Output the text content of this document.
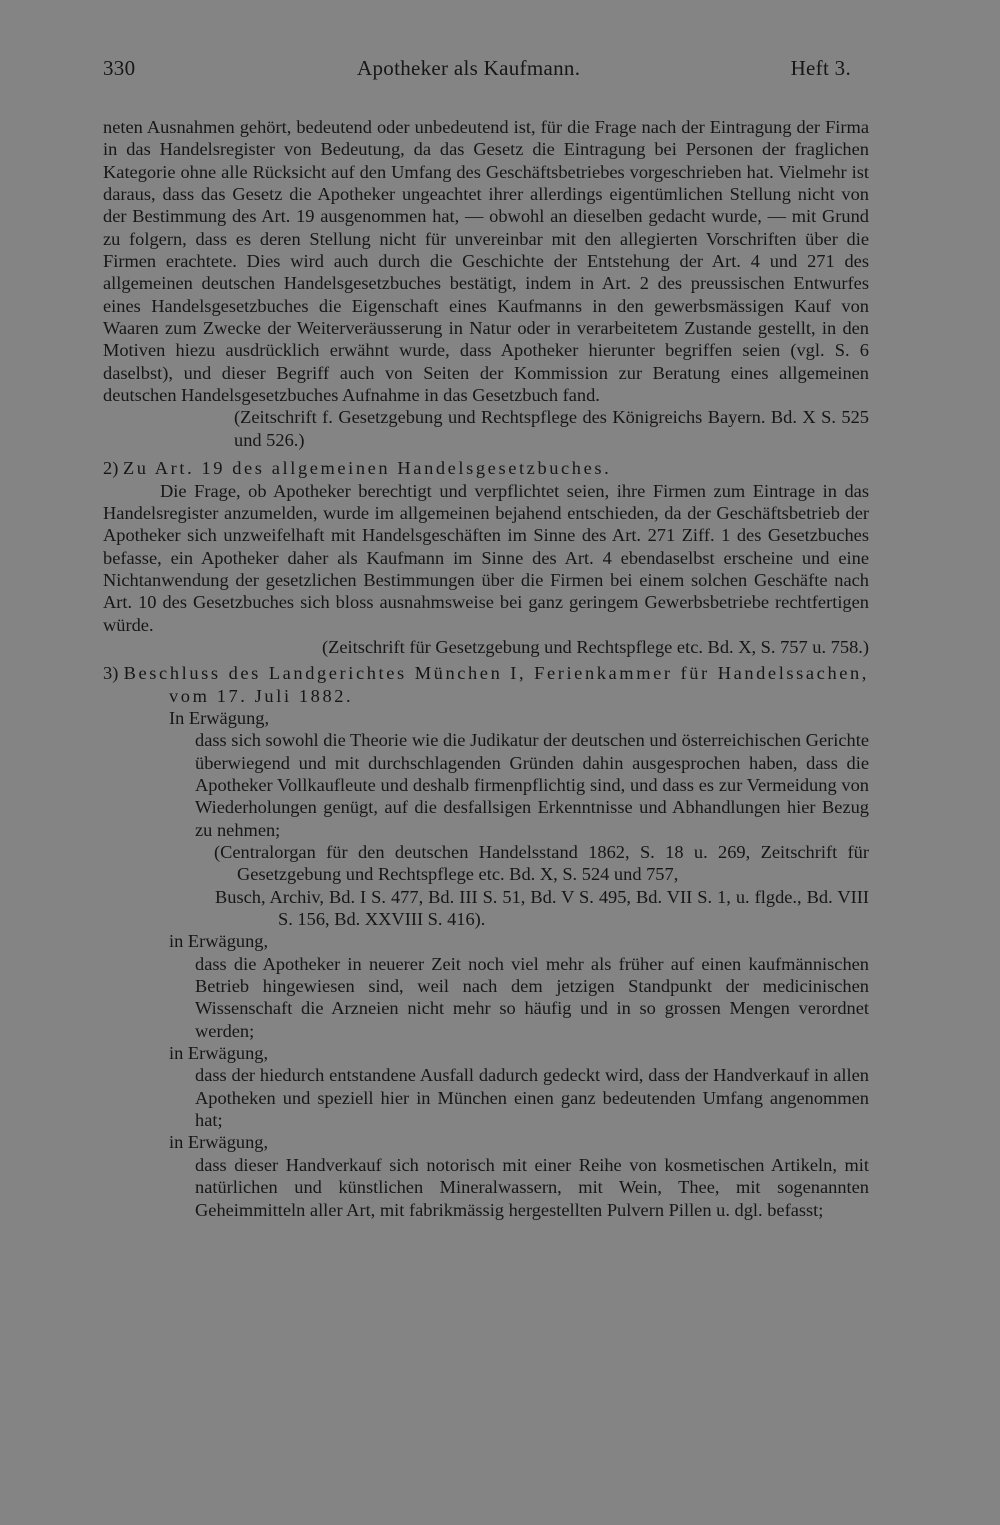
330	Apotheker als Kaufmann.	Heft 3.

neten Ausnahmen gehört, bedeutend oder unbedeutend ist, für die Frage nach der Eintragung der Firma in das Handelsregister von Bedeutung, da das Gesetz die Eintragung bei Personen der fraglichen Kategorie ohne alle Rücksicht auf den Umfang des Geschäftsbetriebes vorgeschrieben hat. Vielmehr ist daraus, dass das Gesetz die Apotheker ungeachtet ihrer allerdings eigentümlichen Stellung nicht von der Bestimmung des Art. 19 ausgenommen hat, — obwohl an dieselben gedacht wurde, — mit Grund zu folgern, dass es deren Stellung nicht für unvereinbar mit den allegierten Vorschriften über die Firmen erachtete. Dies wird auch durch die Geschichte der Entstehung der Art. 4 und 271 des allgemeinen deutschen Handelsgesetzbuches bestätigt, indem in Art. 2 des preussischen Entwurfes eines Handelsgesetzbuches die Eigenschaft eines Kaufmanns in den gewerbsmässigen Kauf von Waaren zum Zwecke der Weiterveräusserung in Natur oder in verarbeitetem Zustande gestellt, in den Motiven hiezu ausdrücklich erwähnt wurde, dass Apotheker hierunter begriffen seien (vgl. S. 6 daselbst), und dieser Begriff auch von Seiten der Kommission zur Beratung eines allgemeinen deutschen Handelsgesetzbuches Aufnahme in das Gesetzbuch fand.

(Zeitschrift f. Gesetzgebung und Rechtspflege des Königreichs Bayern. Bd. X S. 525 und 526.)

2) Zu Art. 19 des allgemeinen Handelsgesetzbuches.

Die Frage, ob Apotheker berechtigt und verpflichtet seien, ihre Firmen zum Eintrage in das Handelsregister anzumelden, wurde im allgemeinen bejahend entschieden, da der Geschäftsbetrieb der Apotheker sich unzweifelhaft mit Handelsgeschäften im Sinne des Art. 271 Ziff. 1 des Gesetzbuches befasse, ein Apotheker daher als Kaufmann im Sinne des Art. 4 ebendaselbst erscheine und eine Nichtanwendung der gesetzlichen Bestimmungen über die Firmen bei einem solchen Geschäfte nach Art. 10 des Gesetzbuches sich bloss ausnahmsweise bei ganz geringem Gewerbsbetriebe rechtfertigen würde.

(Zeitschrift für Gesetzgebung und Rechtspflege etc. Bd. X, S. 757 u. 758.)

3) Beschluss des Landgerichtes München I, Ferienkammer für Handelssachen, vom 17. Juli 1882.

In Erwägung,

dass sich sowohl die Theorie wie die Judikatur der deutschen und österreichischen Gerichte überwiegend und mit durchschlagenden Gründen dahin ausgesprochen haben, dass die Apotheker Vollkaufleute und deshalb firmenpflichtig sind, und dass es zur Vermeidung von Wiederholungen genügt, auf die desfallsigen Erkenntnisse und Abhandlungen hier Bezug zu nehmen;

(Centralorgan für den deutschen Handelsstand 1862, S. 18 u. 269, Zeitschrift für Gesetzgebung und Rechtspflege etc. Bd. X, S. 524 und 757,

Busch, Archiv, Bd. I S. 477, Bd. III S. 51, Bd. V S. 495, Bd. VII S. 1, u. flgde., Bd. VIII S. 156, Bd. XXVIII S. 416).

in Erwägung,

dass die Apotheker in neuerer Zeit noch viel mehr als früher auf einen kaufmännischen Betrieb hingewiesen sind, weil nach dem jetzigen Standpunkt der medicinischen Wissenschaft die Arzneien nicht mehr so häufig und in so grossen Mengen verordnet werden;

in Erwägung,

dass der hiedurch entstandene Ausfall dadurch gedeckt wird, dass der Handverkauf in allen Apotheken und speziell hier in München einen ganz bedeutenden Umfang angenommen hat;

in Erwägung,

dass dieser Handverkauf sich notorisch mit einer Reihe von kosmetischen Artikeln, mit natürlichen und künstlichen Mineralwassern, mit Wein, Thee, mit sogenannten Geheimmitteln aller Art, mit fabrikmässig hergestellten Pulvern Pillen u. dgl. befasst;
